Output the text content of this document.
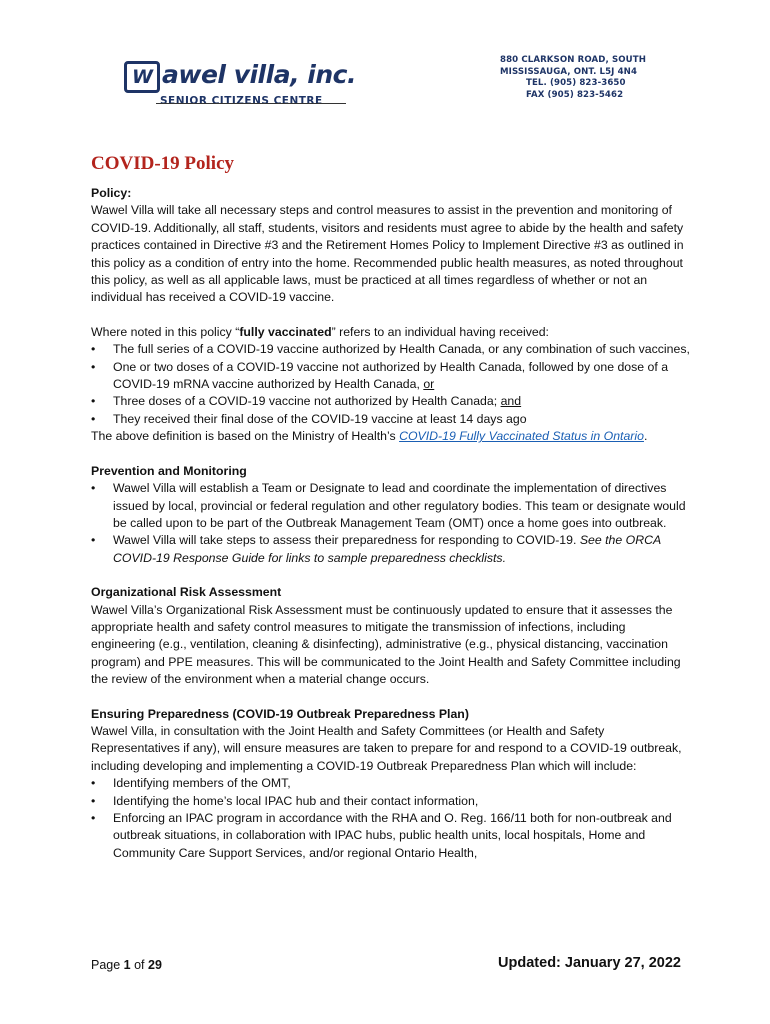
W awel villa, inc.
SENIOR CITIZENS CENTRE
880 CLARKSON ROAD, SOUTH
MISSISSAUGA, ONT. L5J 4N4
TEL. (905) 823-3650
FAX (905) 823-5462
COVID-19 Policy

Policy:

Wawel Villa will take all necessary steps and control measures to assist in the prevention and monitoring of COVID-19. Additionally, all staff, students, visitors and residents must agree to abide by the health and safety practices contained in Directive #3 and the Retirement Homes Policy to Implement Directive #3 as outlined in this policy as a condition of entry into the home. Recommended public health measures, as noted throughout this policy, as well as all applicable laws, must be practiced at all times regardless of whether or not an individual has received a COVID-19 vaccine.

Where noted in this policy “fully vaccinated” refers to an individual having received:

• The full series of a COVID-19 vaccine authorized by Health Canada, or any combination of such vaccines,
• One or two doses of a COVID-19 vaccine not authorized by Health Canada, followed by one dose of a COVID-19 mRNA vaccine authorized by Health Canada, or
• Three doses of a COVID-19 vaccine not authorized by Health Canada; and
• They received their final dose of the COVID-19 vaccine at least 14 days ago

The above definition is based on the Ministry of Health’s COVID-19 Fully Vaccinated Status in Ontario.

Prevention and Monitoring

• Wawel Villa will establish a Team or Designate to lead and coordinate the implementation of directives issued by local, provincial or federal regulation and other regulatory bodies. This team or designate would be called upon to be part of the Outbreak Management Team (OMT) once a home goes into outbreak.
• Wawel Villa will take steps to assess their preparedness for responding to COVID-19. See the ORCA COVID-19 Response Guide for links to sample preparedness checklists.

Organizational Risk Assessment

Wawel Villa’s Organizational Risk Assessment must be continuously updated to ensure that it assesses the appropriate health and safety control measures to mitigate the transmission of infections, including engineering (e.g., ventilation, cleaning & disinfecting), administrative (e.g., physical distancing, vaccination program) and PPE measures. This will be communicated to the Joint Health and Safety Committee including the review of the environment when a material change occurs.

Ensuring Preparedness (COVID-19 Outbreak Preparedness Plan)

Wawel Villa, in consultation with the Joint Health and Safety Committees (or Health and Safety Representatives if any), will ensure measures are taken to prepare for and respond to a COVID-19 outbreak, including developing and implementing a COVID-19 Outbreak Preparedness Plan which will include:

• Identifying members of the OMT,
• Identifying the home’s local IPAC hub and their contact information,
• Enforcing an IPAC program in accordance with the RHA and O. Reg. 166/11 both for non-outbreak and outbreak situations, in collaboration with IPAC hubs, public health units, local hospitals, Home and Community Care Support Services, and/or regional Ontario Health,
Page 1 of 29	Updated: January 27, 2022
